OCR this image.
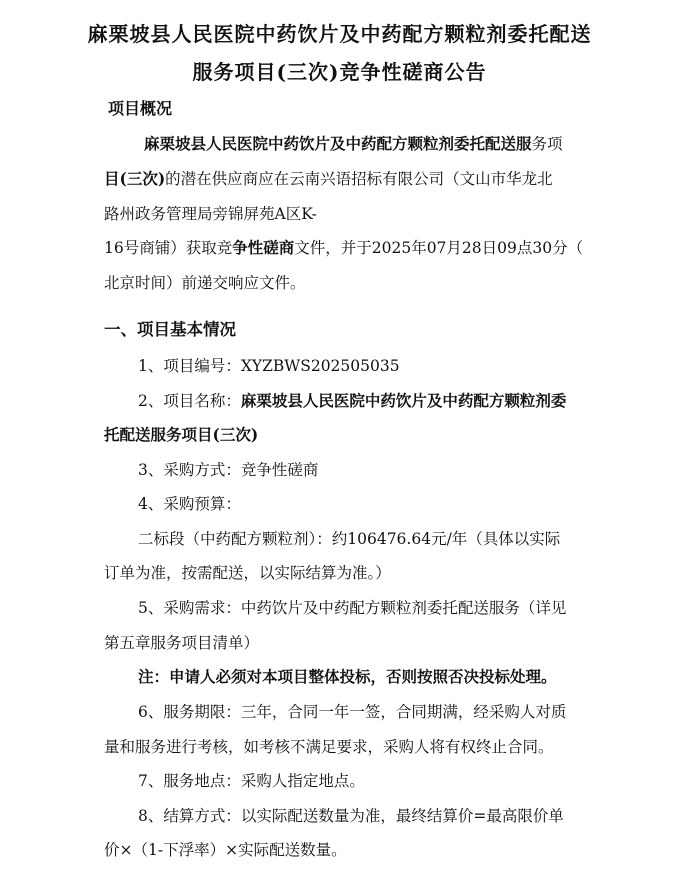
麻栗坡县人民医院中药饮片及中药配方颗粒剂委托配送
服务项目(三次)竞争性磋商公告
项目概况
麻栗坡县人民医院中药饮片及中药配方颗粒剂委托配送服务项
目(三次)的潜在供应商应在云南兴语招标有限公司（文山市华龙北
路州政务管理局旁锦屏苑A区K-
16号商铺）获取竞争性磋商文件，并于2025年07月28日09点30分（
北京时间）前递交响应文件。
一、项目基本情况
1、项目编号：XYZBWS202505035
2、项目名称：麻栗坡县人民医院中药饮片及中药配方颗粒剂委
托配送服务项目(三次)
3、采购方式：竞争性磋商
4、采购预算：
二标段（中药配方颗粒剂）：约106476.64元/年（具体以实际
订单为准，按需配送，以实际结算为准。）
5、采购需求：中药饮片及中药配方颗粒剂委托配送服务（详见
第五章服务项目清单）
注：申请人必须对本项目整体投标，否则按照否决投标处理。
6、服务期限：三年，合同一年一签，合同期满，经采购人对质
量和服务进行考核，如考核不满足要求，采购人将有权终止合同。
7、服务地点：采购人指定地点。
8、结算方式：以实际配送数量为准，最终结算价=最高限价单
价×（1-下浮率）×实际配送数量。
